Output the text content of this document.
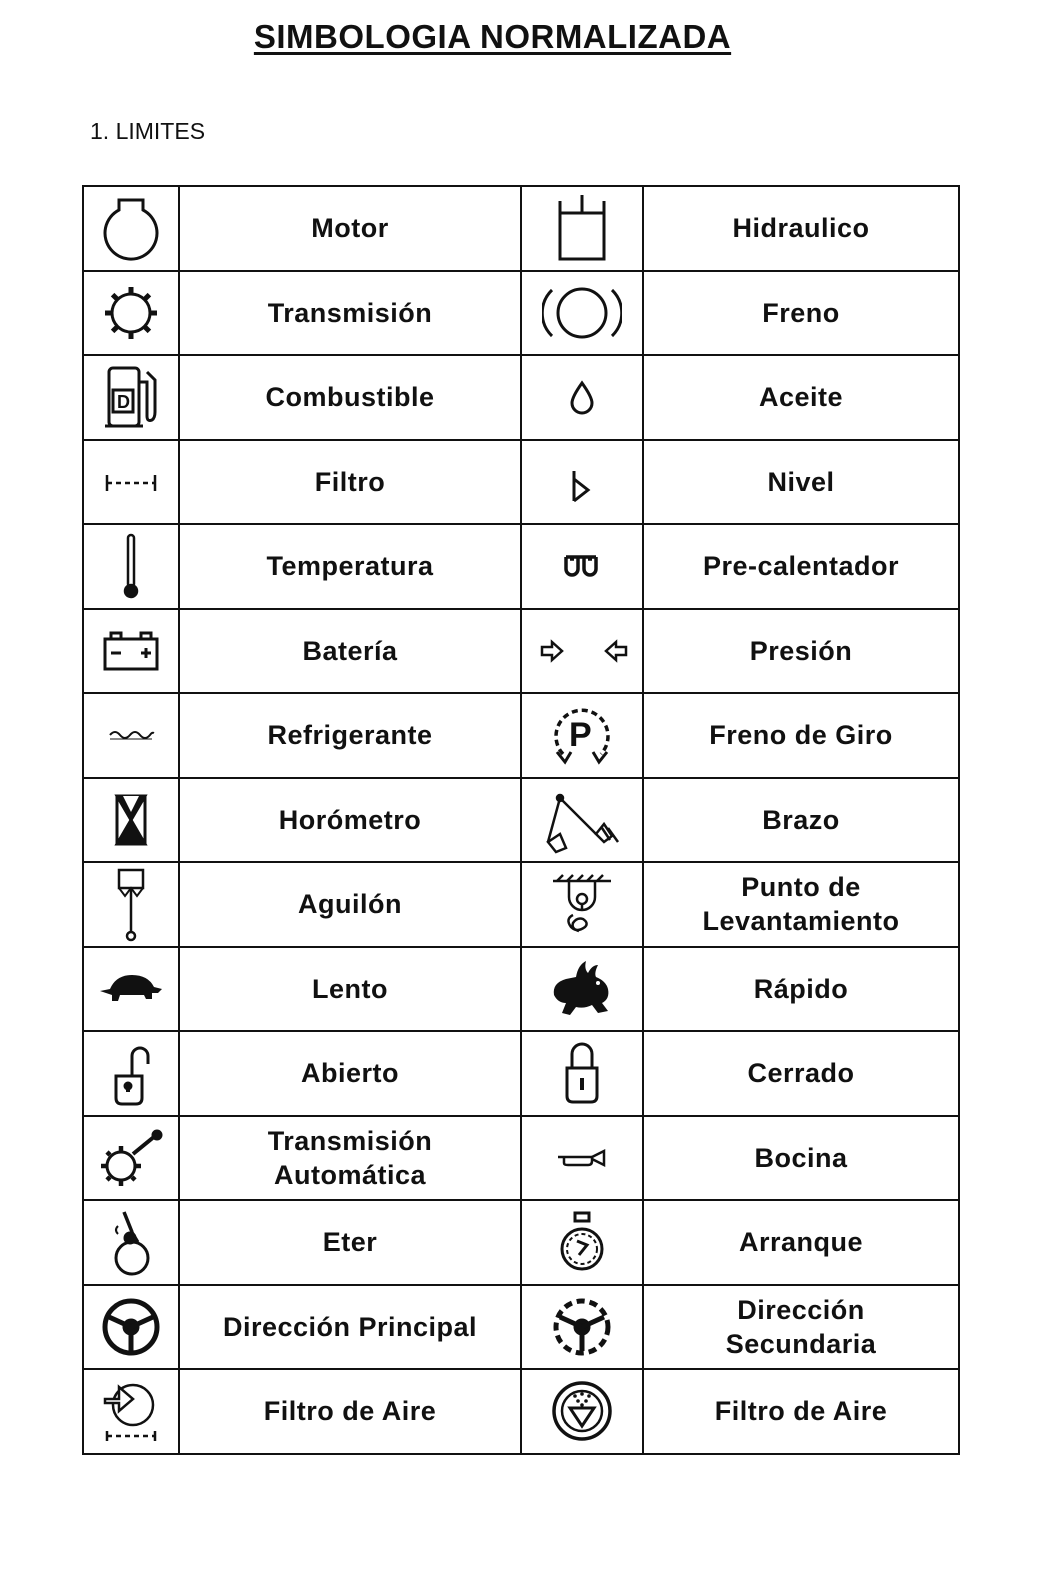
SIMBOLOGIA NORMALIZADA
1. LIMITES
	Motor		Hidraulico

	Transmisión		Freno

D	Combustible		Aceite

	Filtro		Nivel

	Temperatura		Pre-calentador

	Batería		Presión

	Refrigerante	P	Freno de Giro

	Horómetro		Brazo

	Aguilón		Punto de
Levantamiento

	Lento		Rápido

	Abierto		Cerrado

	Transmisión
Automática		Bocina

	Eter		Arranque

	Dirección Principal		Dirección
Secundaria

	Filtro de Aire		Filtro de Aire
